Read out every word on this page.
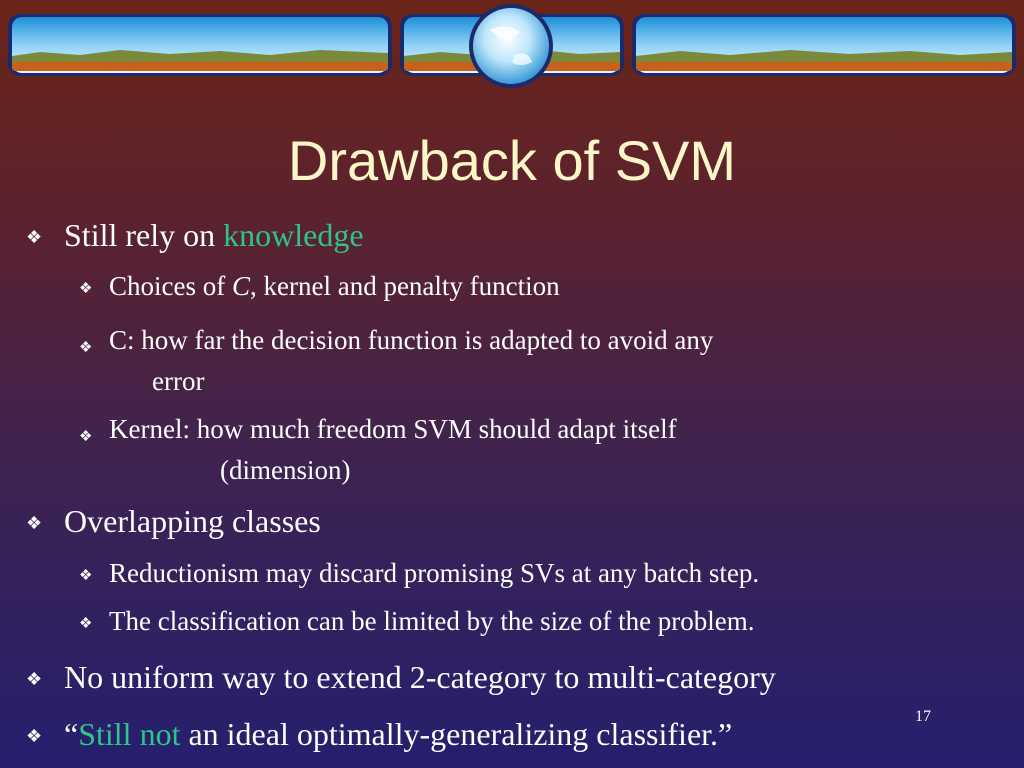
Drawback of SVM
❖ Still rely on knowledge
❖ Choices of C, kernel and penalty function
❖ C: how far the decision function is adapted to avoid any
error
❖ Kernel: how much freedom SVM should adapt itself
(dimension)
❖ Overlapping classes
❖ Reductionism may discard promising SVs at any batch step.
❖ The classification can be limited by the size of the problem.
❖ No uniform way to extend 2-category to multi-category
❖ “Still not an ideal optimally-generalizing classifier.”	17
